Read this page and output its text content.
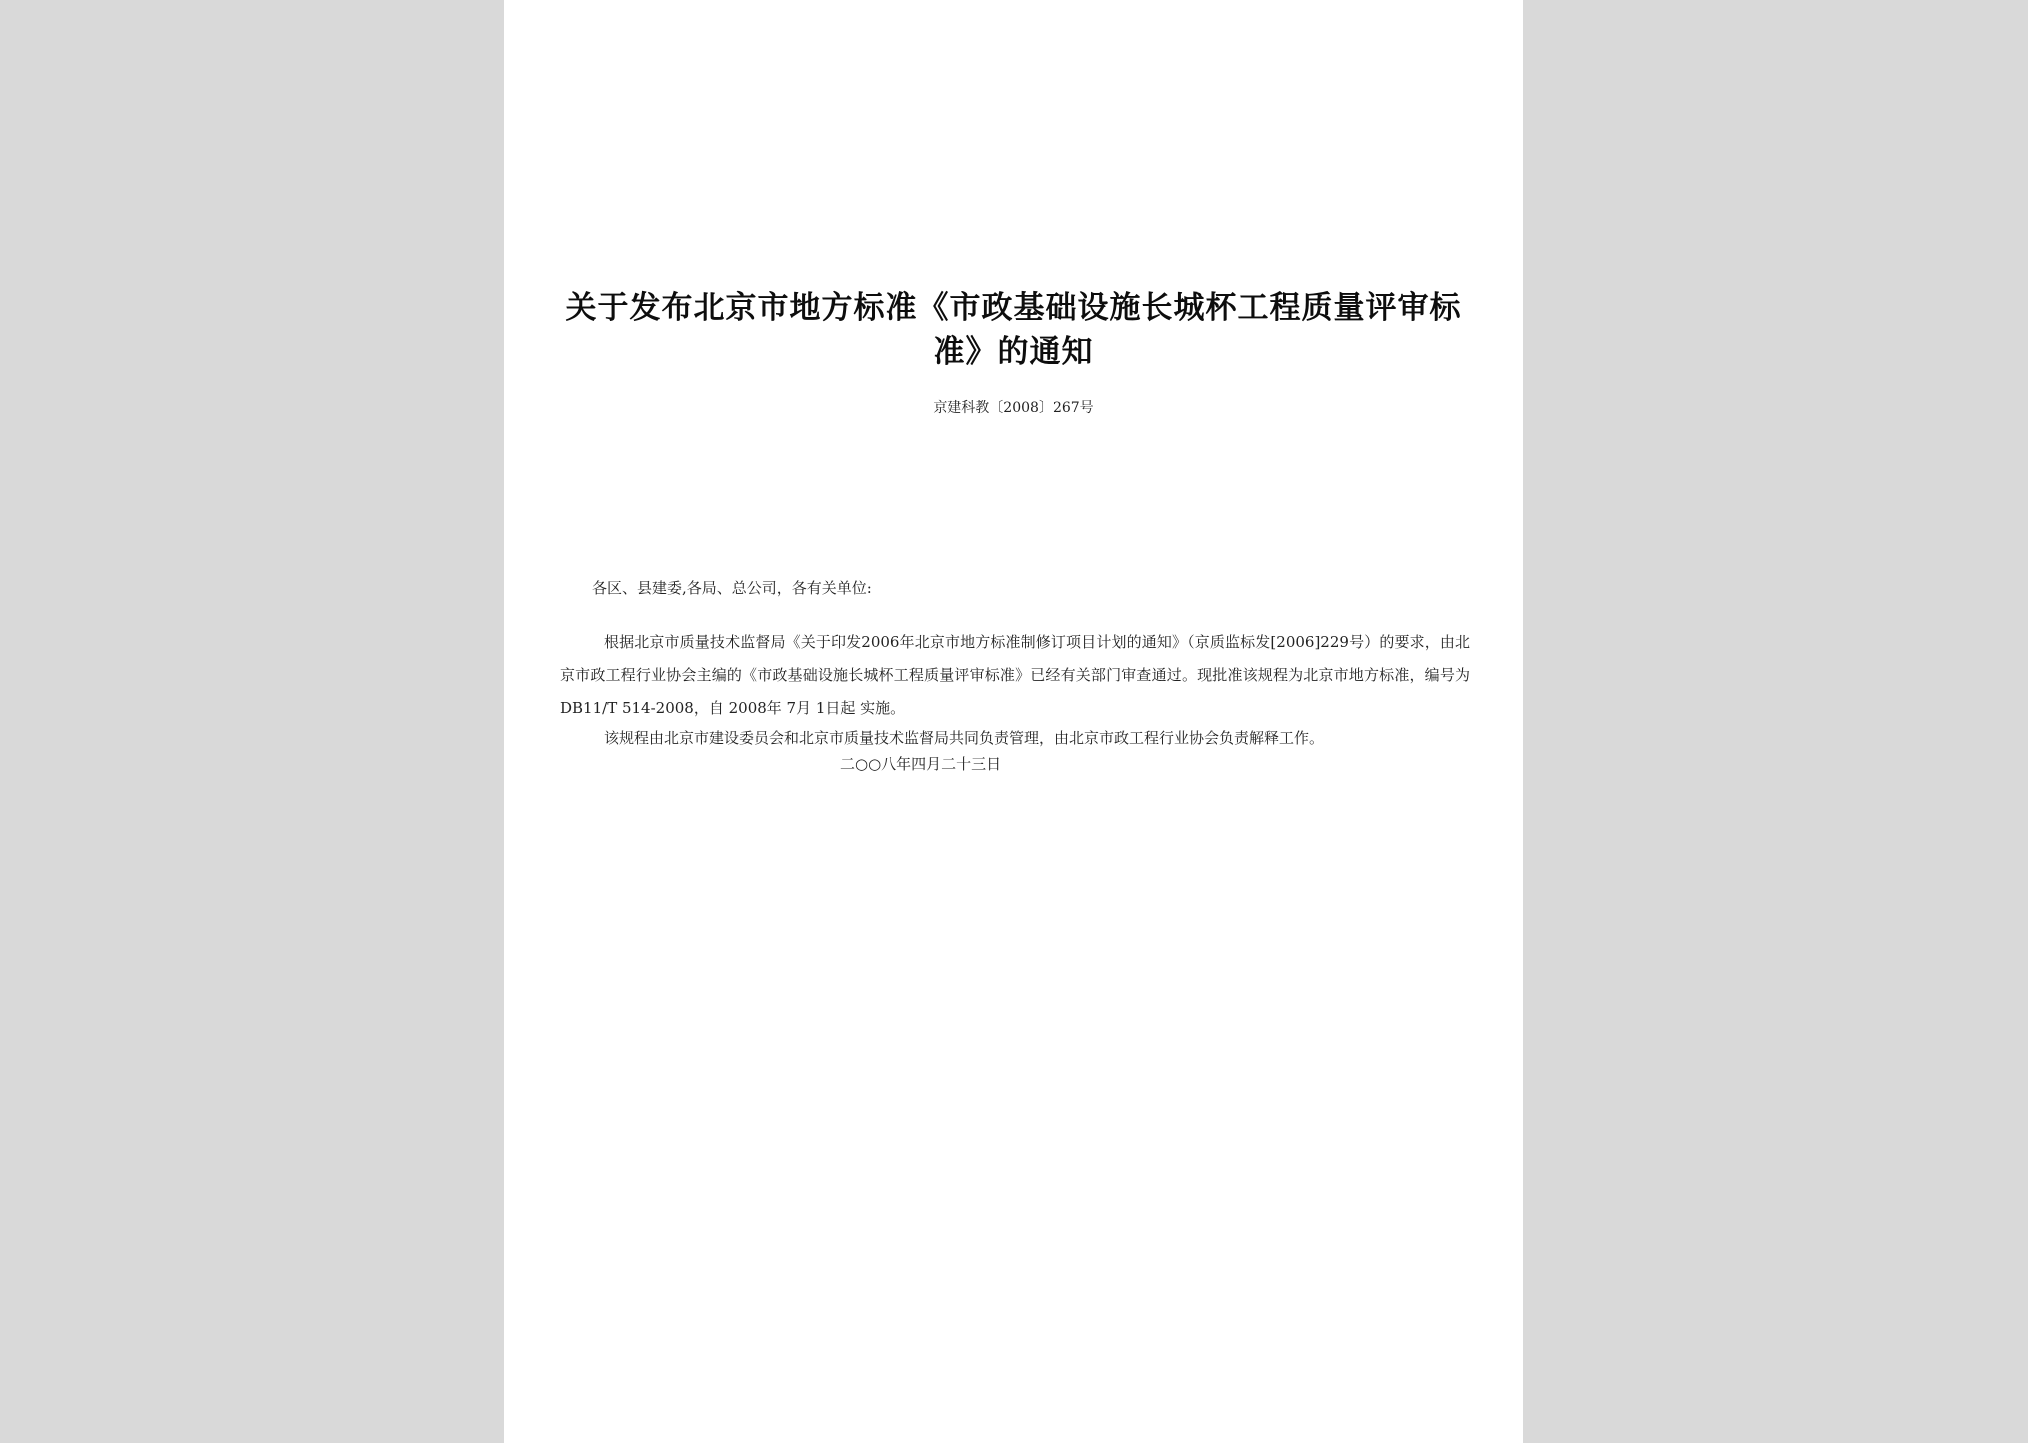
关于发布北京市地方标准《市政基础设施长城杯工程质量评审标准》的通知
京建科教〔2008〕267号
各区、县建委,各局、总公司，各有关单位:

根据北京市质量技术监督局《关于印发2006年北京市地方标准制修订项目计划的通知》（京质监标发[2006]229号）的要求，由北京市政工程行业协会主编的《市政基础设施长城杯工程质量评审标准》已经有关部门审查通过。现批准该规程为北京市地方标准，编号为DB11/T 514-2008，自 2008年 7月 1日起 实施。

该规程由北京市建设委员会和北京市质量技术监督局共同负责管理，由北京市政工程行业协会负责解释工作。

二○○八年四月二十三日
